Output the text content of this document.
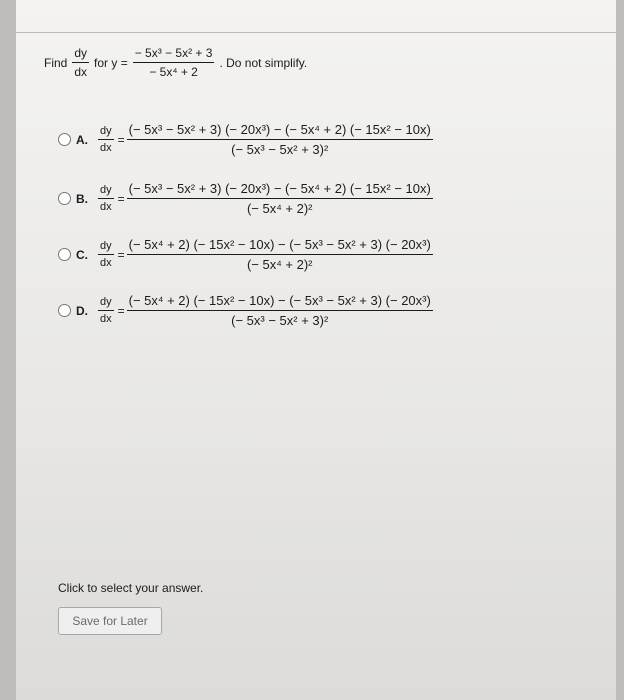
Find $\frac{dy}{dx}$ for $y = \frac{\text{− 5x³ − 5x² + 3}}{\text{− 5x⁴ + 2}}$ . Do not simplify.
A. $\frac{dy}{dx} = \frac{\text{(− 5x³ − 5x² + 3) (− 20x³) − (− 5x⁴ + 2) (− 15x² − 10x)}}{\text{(− 5x³ − 5x² + 3)²}}$
B. $\frac{dy}{dx} = \frac{\text{(− 5x³ − 5x² + 3) (− 20x³) − (− 5x⁴ + 2) (− 15x² − 10x)}}{\text{(− 5x⁴ + 2)²}}$
C. $\frac{dy}{dx} = \frac{\text{(− 5x⁴ + 2) (− 15x² − 10x) − (− 5x³ − 5x² + 3) (− 20x³)}}{\text{(− 5x⁴ + 2)²}}$
D. $\frac{dy}{dx} = \frac{\text{(− 5x⁴ + 2) (− 15x² − 10x) − (− 5x³ − 5x² + 3) (− 20x³)}}{\text{(− 5x³ − 5x² + 3)²}}$
Click to select your answer.
Save for Later
